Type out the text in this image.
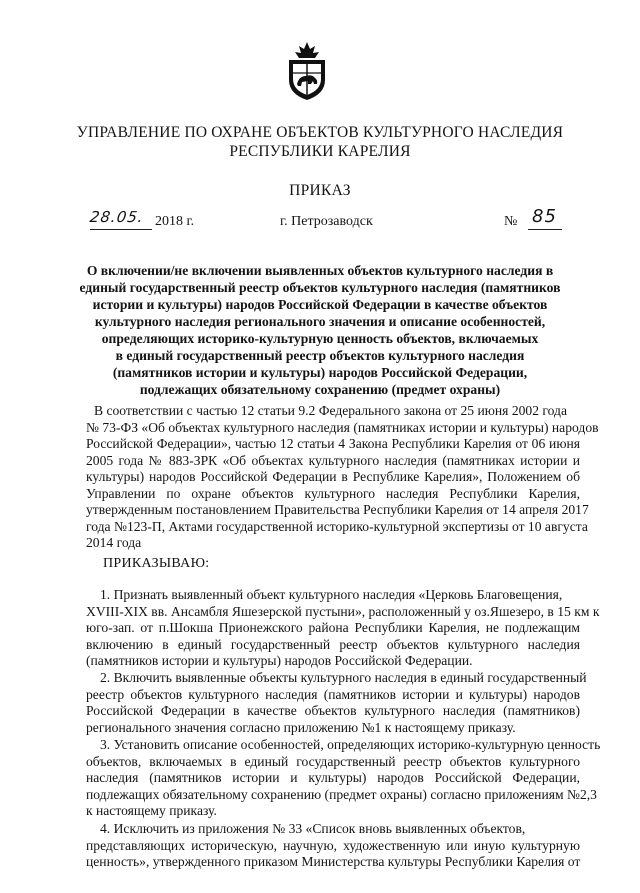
УПРАВЛЕНИЕ ПО ОХРАНЕ ОБЪЕКТОВ КУЛЬТУРНОГО НАСЛЕДИЯ
РЕСПУБЛИКИ КАРЕЛИЯ
ПРИКАЗ
28.05. 2018 г.	г. Петрозаводск	№ 85
О включении/не включении выявленных объектов культурного наследия в
единый государственный реестр объектов культурного наследия (памятников
истории и культуры) народов Российской Федерации в качестве объектов
культурного наследия регионального значения и описание особенностей,
определяющих историко-культурную ценность объектов, включаемых
в единый государственный реестр объектов культурного наследия
(памятников истории и культуры) народов Российской Федерации,
подлежащих обязательному сохранению (предмет охраны)
В соответствии с частью 12 статьи 9.2 Федерального закона от 25 июня 2002 года
№ 73-ФЗ «Об объектах культурного наследия (памятниках истории и культуры) народов
Российской Федерации», частью 12 статьи 4 Закона Республики Карелия от 06 июня
2005 года № 883-ЗРК «Об объектах культурного наследия (памятниках истории и
культуры) народов Российской Федерации в Республике Карелия», Положением об
Управлении по охране объектов культурного наследия Республики Карелия,
утвержденным постановлением Правительства Республики Карелия от 14 апреля 2017
года №123-П, Актами государственной историко-культурной экспертизы от 10 августа
2014 года
ПРИКАЗЫВАЮ:
1. Признать выявленный объект культурного наследия «Церковь Благовещения,
XVIII-XIX вв. Ансамбля Яшезерской пустыни», расположенный у оз.Яшезеро, в 15 км к
юго-зап. от п.Шокша Прионежского района Республики Карелия, не подлежащим
включению в единый государственный реестр объектов культурного наследия
(памятников истории и культуры) народов Российской Федерации.
2. Включить выявленные объекты культурного наследия в единый государственный
реестр объектов культурного наследия (памятников истории и культуры) народов
Российской Федерации в качестве объектов культурного наследия (памятников)
регионального значения согласно приложению №1 к настоящему приказу.
3. Установить описание особенностей, определяющих историко-культурную ценность
объектов, включаемых в единый государственный реестр объектов культурного
наследия (памятников истории и культуры) народов Российской Федерации,
подлежащих обязательному сохранению (предмет охраны) согласно приложениям №2,3
к настоящему приказу.
4. Исключить из приложения № 33 «Список вновь выявленных объектов,
представляющих историческую, научную, художественную или иную культурную
ценность», утвержденного приказом Министерства культуры Республики Карелия от
